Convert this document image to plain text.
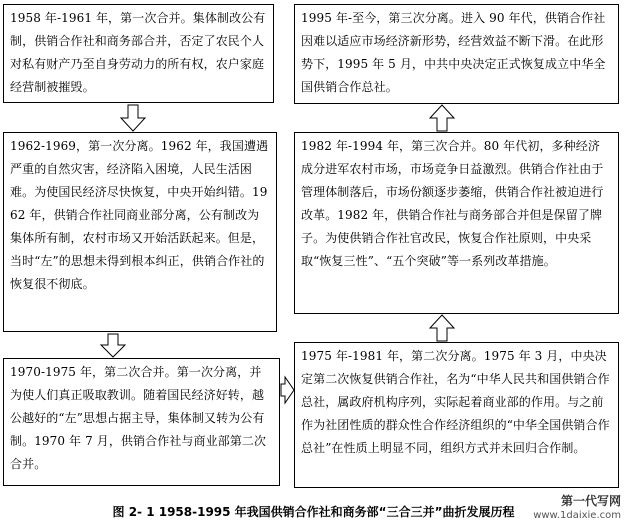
1958 年-1961 年，第一次合并。集体制改公有制，供销合作社和商务部合并，否定了农民个人对私有财产乃至自身劳动力的所有权，农户家庭经营制被摧毁。
1962-1969，第一次分离。1962 年，我国遭遇严重的自然灾害，经济陷入困境，人民生活困难。为使国民经济尽快恢复，中央开始纠错。1962 年，供销合作社同商业部分离，公有制改为集体所有制，农村市场又开始活跃起来。但是，当时“左”的思想未得到根本纠正，供销合作社的恢复很不彻底。
1970-1975 年，第二次合并。第一次分离，并为使人们真正吸取教训。随着国民经济好转，越公越好的“左”思想占据主导，集体制又转为公有制。1970 年 7 月，供销合作社与商业部第二次合并。
1995 年-至今，第三次分离。进入 90 年代，供销合作社因难以适应市场经济新形势，经营效益不断下滑。在此形势下，1995 年 5 月，中共中央决定正式恢复成立中华全国供销合作总社。
1982 年-1994 年，第三次合并。80 年代初，多种经济成分进军农村市场，市场竞争日益激烈。供销合作社由于管理体制落后，市场份额逐步萎缩，供销合作社被迫进行改革。1982 年，供销合作社与商务部合并但是保留了牌子。为使供销合作社官改民，恢复合作社原则，中央采取“恢复三性”、“五个突破”等一系列改革措施。
1975 年-1981 年，第二次分离。1975 年 3 月，中央决定第二次恢复供销合作社，名为“中华人民共和国供销合作总社，属政府机构序列，实际起着商业部的作用。与之前作为社团性质的群众性合作经济组织的“中华全国供销合作总社”在性质上明显不同，组织方式并未回归合作制。
图 2- 1 1958-1995 年我国供销合作社和商务部“三合三并”曲折发展历程
第一代写网
www.1daixie.com
